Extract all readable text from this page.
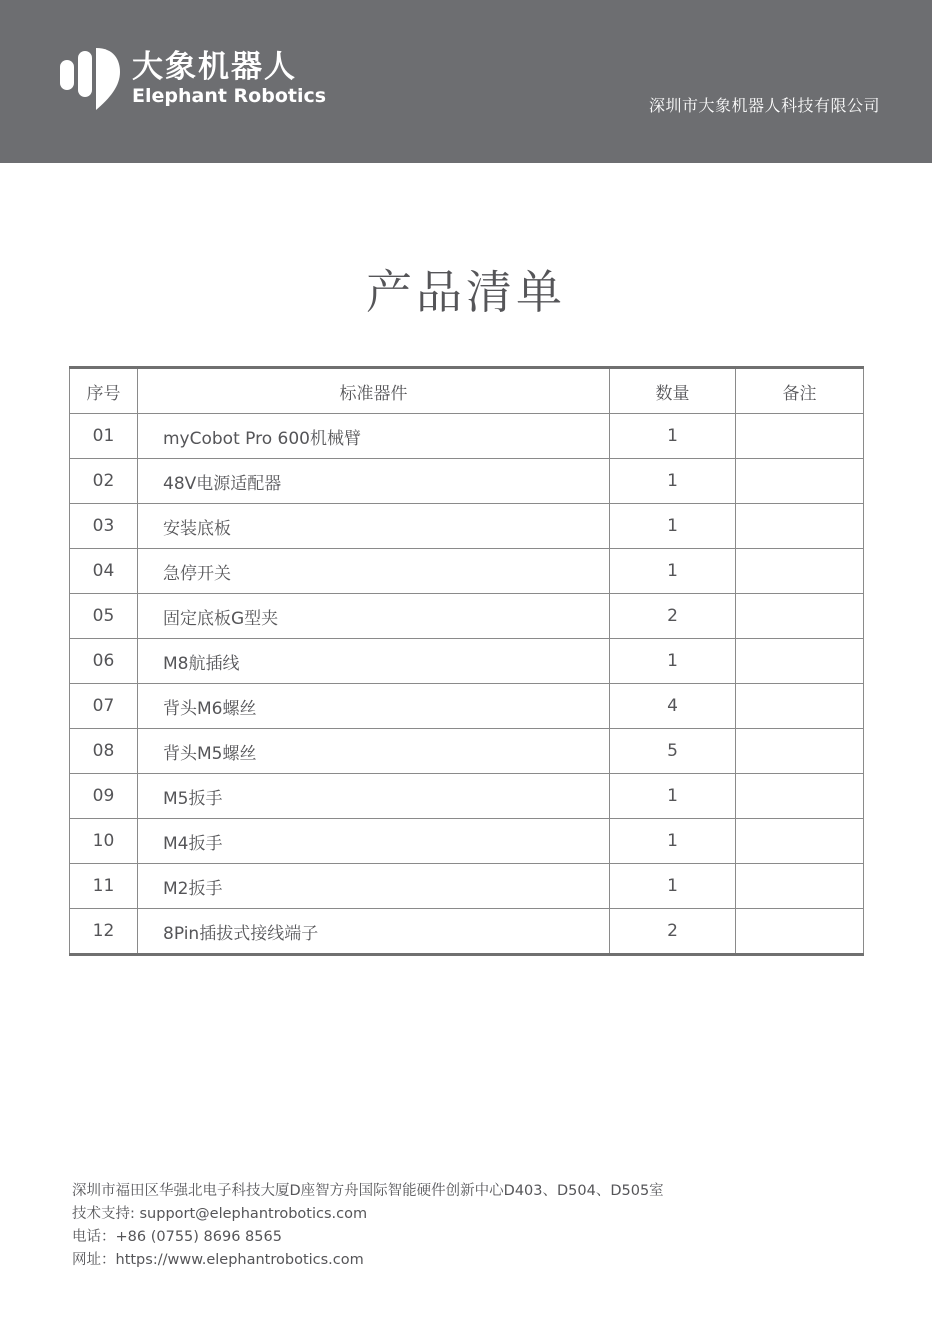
大象机器人
Elephant Robotics	深圳市大象机器人科技有限公司
产品清单
序号	标准器件	数量	备注
01	myCobot Pro 600机械臂	1	
02	48V电源适配器	1	
03	安装底板	1	
04	急停开关	1	
05	固定底板G型夹	2	
06	M8航插线	1	
07	背头M6螺丝	4	
08	背头M5螺丝	5	
09	M5扳手	1	
10	M4扳手	1	
11	M2扳手	1	
12	8Pin插拔式接线端子	2	
深圳市福田区华强北电子科技大厦D座智方舟国际智能硬件创新中心D403、D504、D505室
技术支持: support@elephantrobotics.com
电话：+86 (0755) 8696 8565
网址：https://www.elephantrobotics.com
